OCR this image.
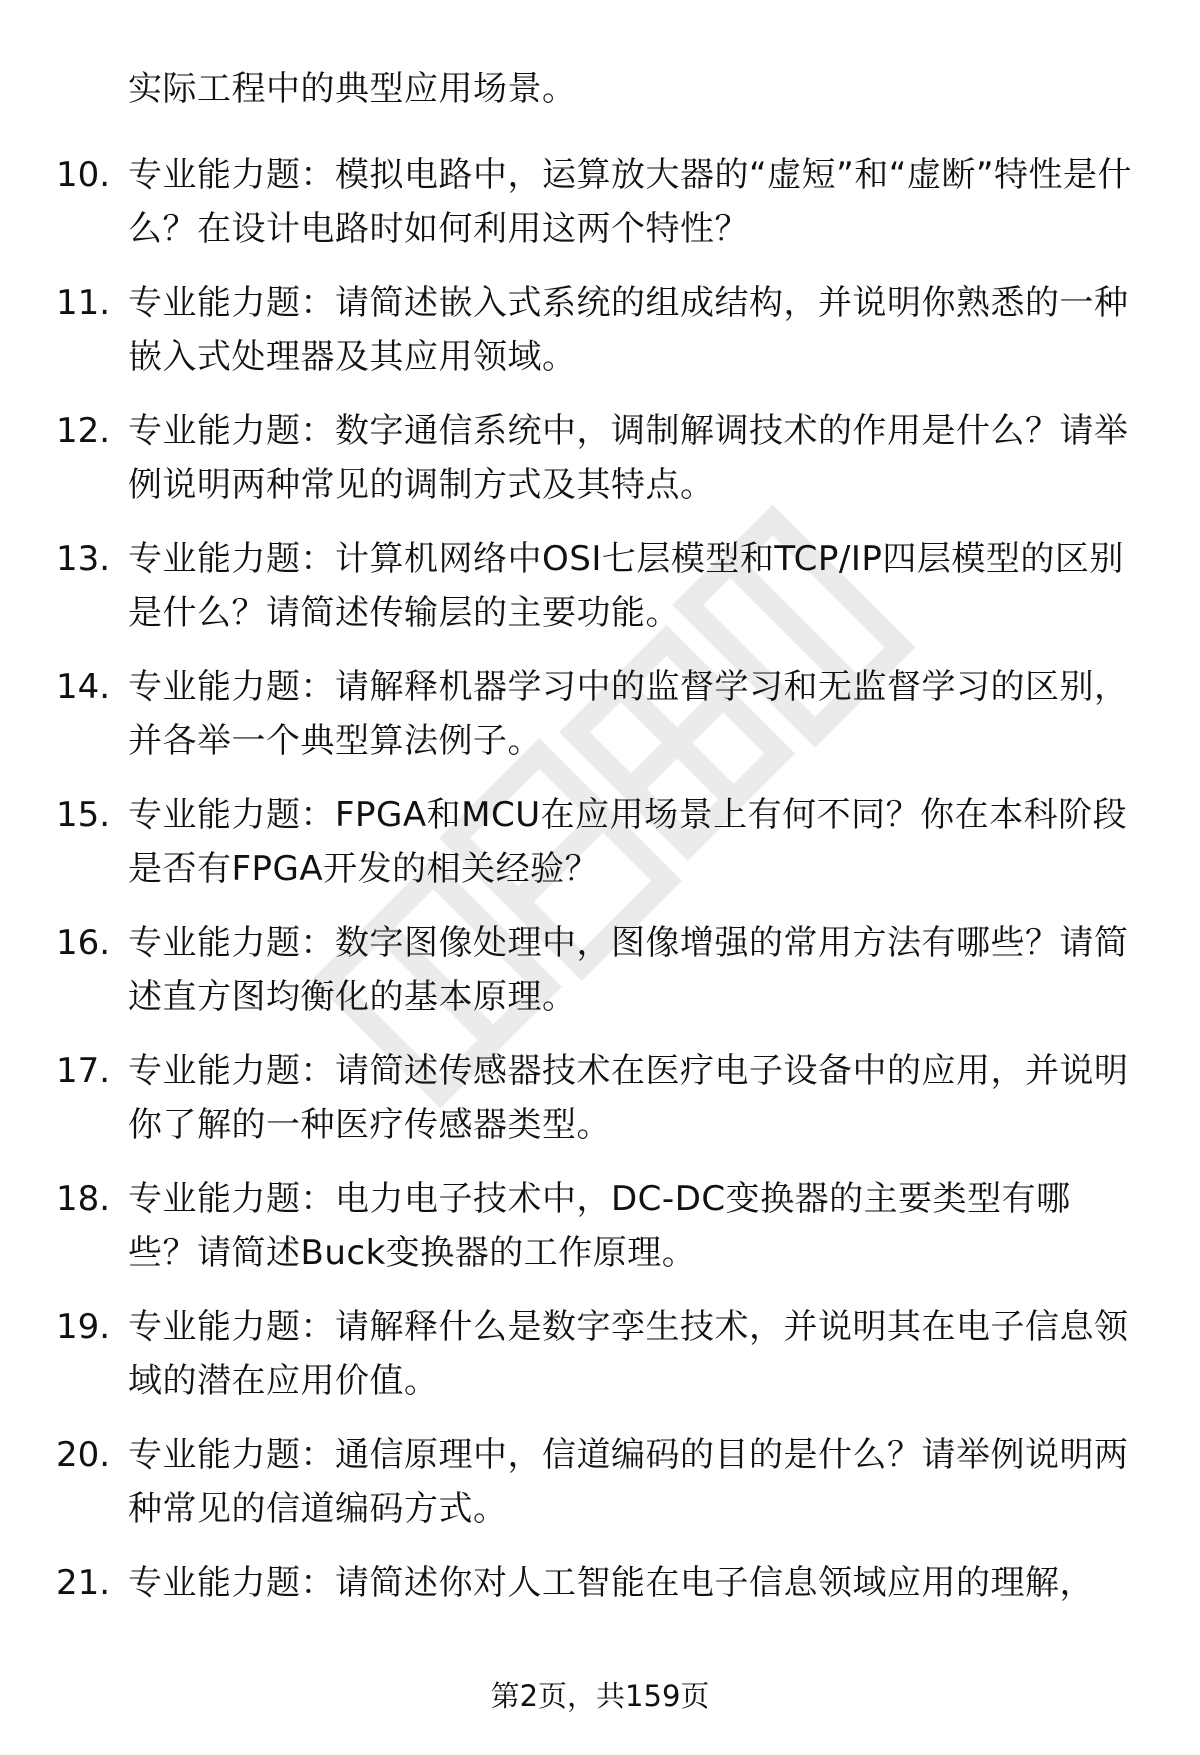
实际工程中的典型应用场景。
10. 专业能力题：模拟电路中，运算放大器的“虚短”和“虚断”特性是什么？在设计电路时如何利用这两个特性？
11. 专业能力题：请简述嵌入式系统的组成结构，并说明你熟悉的一种嵌入式处理器及其应用领域。
12. 专业能力题：数字通信系统中，调制解调技术的作用是什么？请举例说明两种常见的调制方式及其特点。
13. 专业能力题：计算机网络中OSI七层模型和TCP/IP四层模型的区别是什么？请简述传输层的主要功能。
14. 专业能力题：请解释机器学习中的监督学习和无监督学习的区别，并各举一个典型算法例子。
15. 专业能力题：FPGA和MCU在应用场景上有何不同？你在本科阶段是否有FPGA开发的相关经验？
16. 专业能力题：数字图像处理中，图像增强的常用方法有哪些？请简述直方图均衡化的基本原理。
17. 专业能力题：请简述传感器技术在医疗电子设备中的应用，并说明你了解的一种医疗传感器类型。
18. 专业能力题：电力电子技术中，DC-DC变换器的主要类型有哪些？请简述Buck变换器的工作原理。
19. 专业能力题：请解释什么是数字孪生技术，并说明其在电子信息领域的潜在应用价值。
20. 专业能力题：通信原理中，信道编码的目的是什么？请举例说明两种常见的信道编码方式。
21. 专业能力题：请简述你对人工智能在电子信息领域应用的理解，
第2页，共159页
